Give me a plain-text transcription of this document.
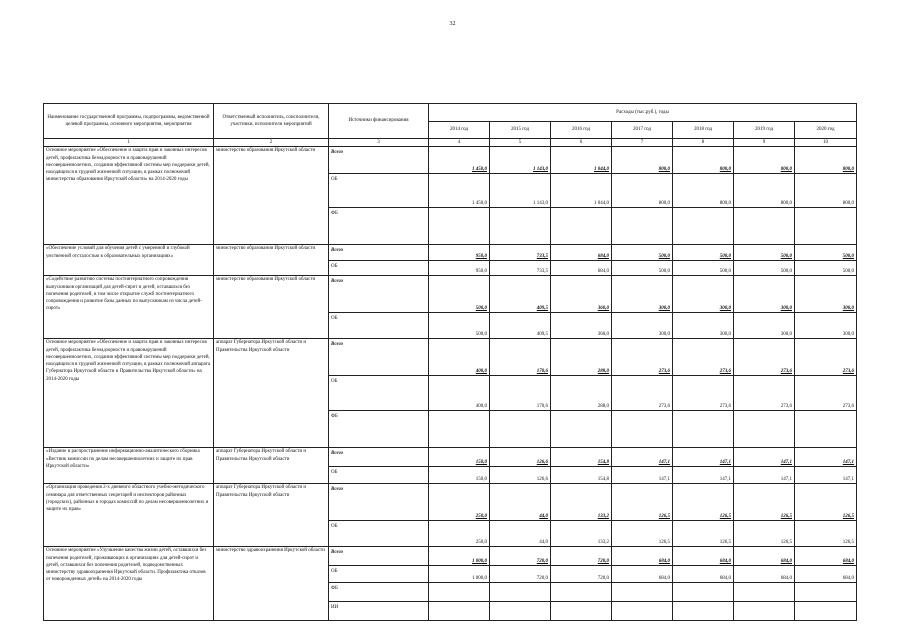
32
Наименование государственной программы, подпрограммы, ведомственной целевой программы, основного мероприятия, мероприятия	Ответственный исполнитель, соисполнители, участники, исполнители мероприятий	Источники финансирования	Расходы (тыс.руб.), годы						
			2014 год	2015 год	2016 год	2017 год	2018 год	2019 год	2020 год
1	2	3	4	5	6	7	8	9	10
Основное мероприятие «Обеспечение и защита прав и законных интересов детей, профилактика безнадзорности и правонарушений несовершеннолетних, создания эффективной системы мер поддержки детей, находящихся в трудной жизненной ситуации, в рамках полномочий министерства образования Иркутской области» на 2014-2020 годы	министерство образования Иркутской области	Всего	1 450,0	1 143,0	1 044,0	800,0	800,0	800,0	800,0
		ОБ	1 450,0	1 143,0	1 044,0	800,0	800,0	800,0	800,0
		ФБ							
«Обеспечение условий для обучения детей с умеренной и глубокой умственной отсталостью в образовательных организациях»	министерство образования Иркутской области	Всего	950,0	733,5	684,0	500,0	500,0	500,0	500,0
		ОБ	950,0	733,5	684,0	500,0	500,0	500,0	500,0
«Содействие развитию системы постинтернатного сопровождения выпускников организаций для детей-сирот и детей, оставшихся без попечения родителей, в том числе открытие служб постинтернатного сопровождения и развитие базы данных по выпускникам из числа детей-сирот»	министерство образования Иркутской области	Всего	500,0	409,5	360,0	300,0	300,0	300,0	300,0
		ОБ	500,0	409,5	360,0	300,0	300,0	300,0	300,0
Основное мероприятие «Обеспечение и защита прав и законных интересов детей, профилактика безнадзорности и правонарушений несовершеннолетних, создания эффективной системы мер поддержки детей, находящихся в трудной жизненной ситуации, в рамках полномочий аппарата Губернатора Иркутской области и Правительства Иркутской области» на 2014-2020 годы	аппарат Губернатора Иркутской области и Правительства Иркутской области	Всего	400,0	170,6	288,0	273,6	273,6	273,6	273,6
		ОБ	400,0	170,6	288,0	273,6	273,6	273,6	273,6
		ФБ							
«Издание и распространение информационно-аналитического сборника «Вестник комиссии по делам несовершеннолетних и защите их прав Иркутской области»	аппарат Губернатора Иркутской области и Правительства Иркутской области	Всего	150,0	126,6	154,8	147,1	147,1	147,1	147,1
		ОБ	150,0	126,6	154,8	147,1	147,1	147,1	147,1
«Организация проведения 2-х дневного областного учебно-методического семинара для ответственных секретарей и инспекторов районных (городских), районных в городах комиссий по делам несовершеннолетних и защите их прав»	аппарат Губернатора Иркутской области и Правительства Иркутской области	Всего	250,0	44,0	133,2	126,5	126,5	126,5	126,5
		ОБ	250,0	44,0	133,2	126,5	126,5	126,5	126,5
Основное мероприятие «Улучшение качества жизни детей, оставшихся без попечения родителей, проживающих в организациях для детей-сирот и детей, оставшихся без попечения родителей, подведомственных министерству здравоохранения Иркутской области. Профилактика отказов от новорожденных детей» на 2014-2020 годы	министерство здравоохранения Иркутской области	Всего	1 000,0	720,0	720,0	684,0	684,0	684,0	684,0
		ОБ	1 000,0	720,0	720,0	684,0	684,0	684,0	684,0
		ФБ							
		ИИ							
